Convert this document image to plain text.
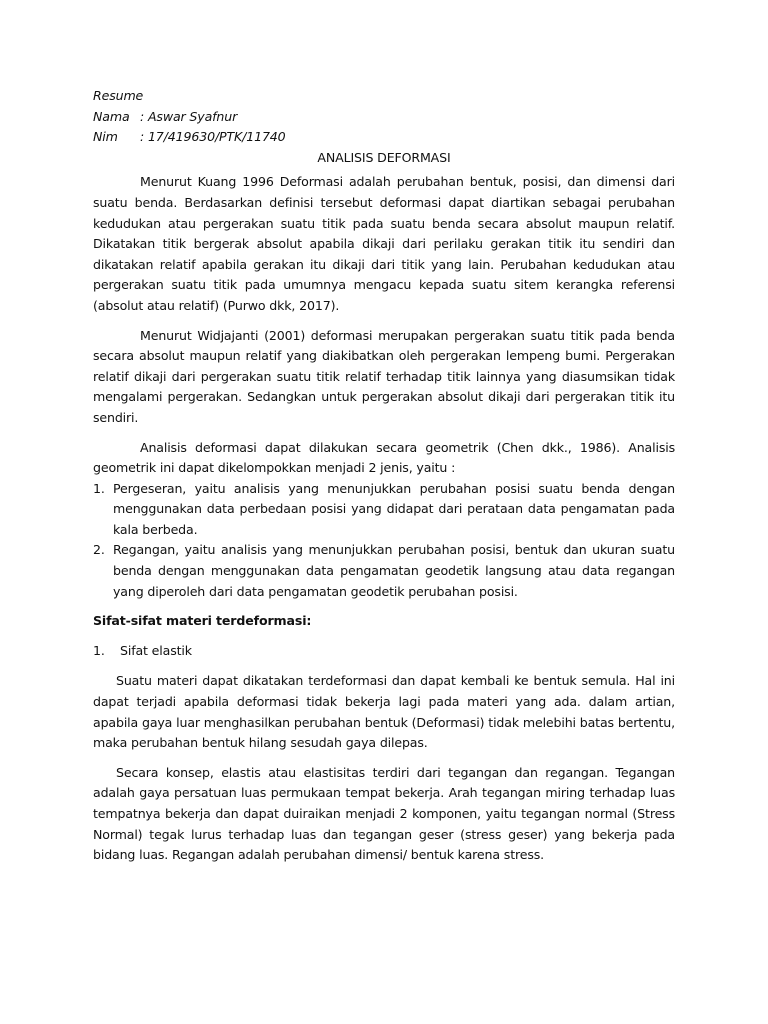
Resume
Nama : Aswar Syafnur
Nim : 17/419630/PTK/11740
ANALISIS DEFORMASI

Menurut Kuang 1996 Deformasi adalah perubahan bentuk, posisi, dan dimensi dari suatu benda. Berdasarkan definisi tersebut deformasi dapat diartikan sebagai perubahan kedudukan atau pergerakan suatu titik pada suatu benda secara absolut maupun relatif. Dikatakan titik bergerak absolut apabila dikaji dari perilaku gerakan titik itu sendiri dan dikatakan relatif apabila gerakan itu dikaji dari titik yang lain. Perubahan kedudukan atau pergerakan suatu titik pada umumnya mengacu kepada suatu sitem kerangka referensi (absolut atau relatif) (Purwo dkk, 2017).

Menurut Widjajanti (2001) deformasi merupakan pergerakan suatu titik pada benda secara absolut maupun relatif yang diakibatkan oleh pergerakan lempeng bumi. Pergerakan relatif dikaji dari pergerakan suatu titik relatif terhadap titik lainnya yang diasumsikan tidak mengalami pergerakan. Sedangkan untuk pergerakan absolut dikaji dari pergerakan titik itu sendiri.

Analisis deformasi dapat dilakukan secara geometrik (Chen dkk., 1986). Analisis geometrik ini dapat dikelompokkan menjadi 2 jenis, yaitu :

1. Pergeseran, yaitu analisis yang menunjukkan perubahan posisi suatu benda dengan menggunakan data perbedaan posisi yang didapat dari perataan data pengamatan pada kala berbeda.
2. Regangan, yaitu analisis yang menunjukkan perubahan posisi, bentuk dan ukuran suatu benda dengan menggunakan data pengamatan geodetik langsung atau data regangan yang diperoleh dari data pengamatan geodetik perubahan posisi.
Sifat-sifat materi terdeformasi:
1. Sifat elastik

Suatu materi dapat dikatakan terdeformasi dan dapat kembali ke bentuk semula. Hal ini dapat terjadi apabila deformasi tidak bekerja lagi pada materi yang ada. dalam artian, apabila gaya luar menghasilkan perubahan bentuk (Deformasi) tidak melebihi batas bertentu, maka perubahan bentuk hilang sesudah gaya dilepas.

Secara konsep, elastis atau elastisitas terdiri dari tegangan dan regangan. Tegangan adalah gaya persatuan luas permukaan tempat bekerja. Arah tegangan miring terhadap luas tempatnya bekerja dan dapat duiraikan menjadi 2 komponen, yaitu tegangan normal (Stress Normal) tegak lurus terhadap luas dan tegangan geser (stress geser) yang bekerja pada bidang luas. Regangan adalah perubahan dimensi/ bentuk karena stress.
